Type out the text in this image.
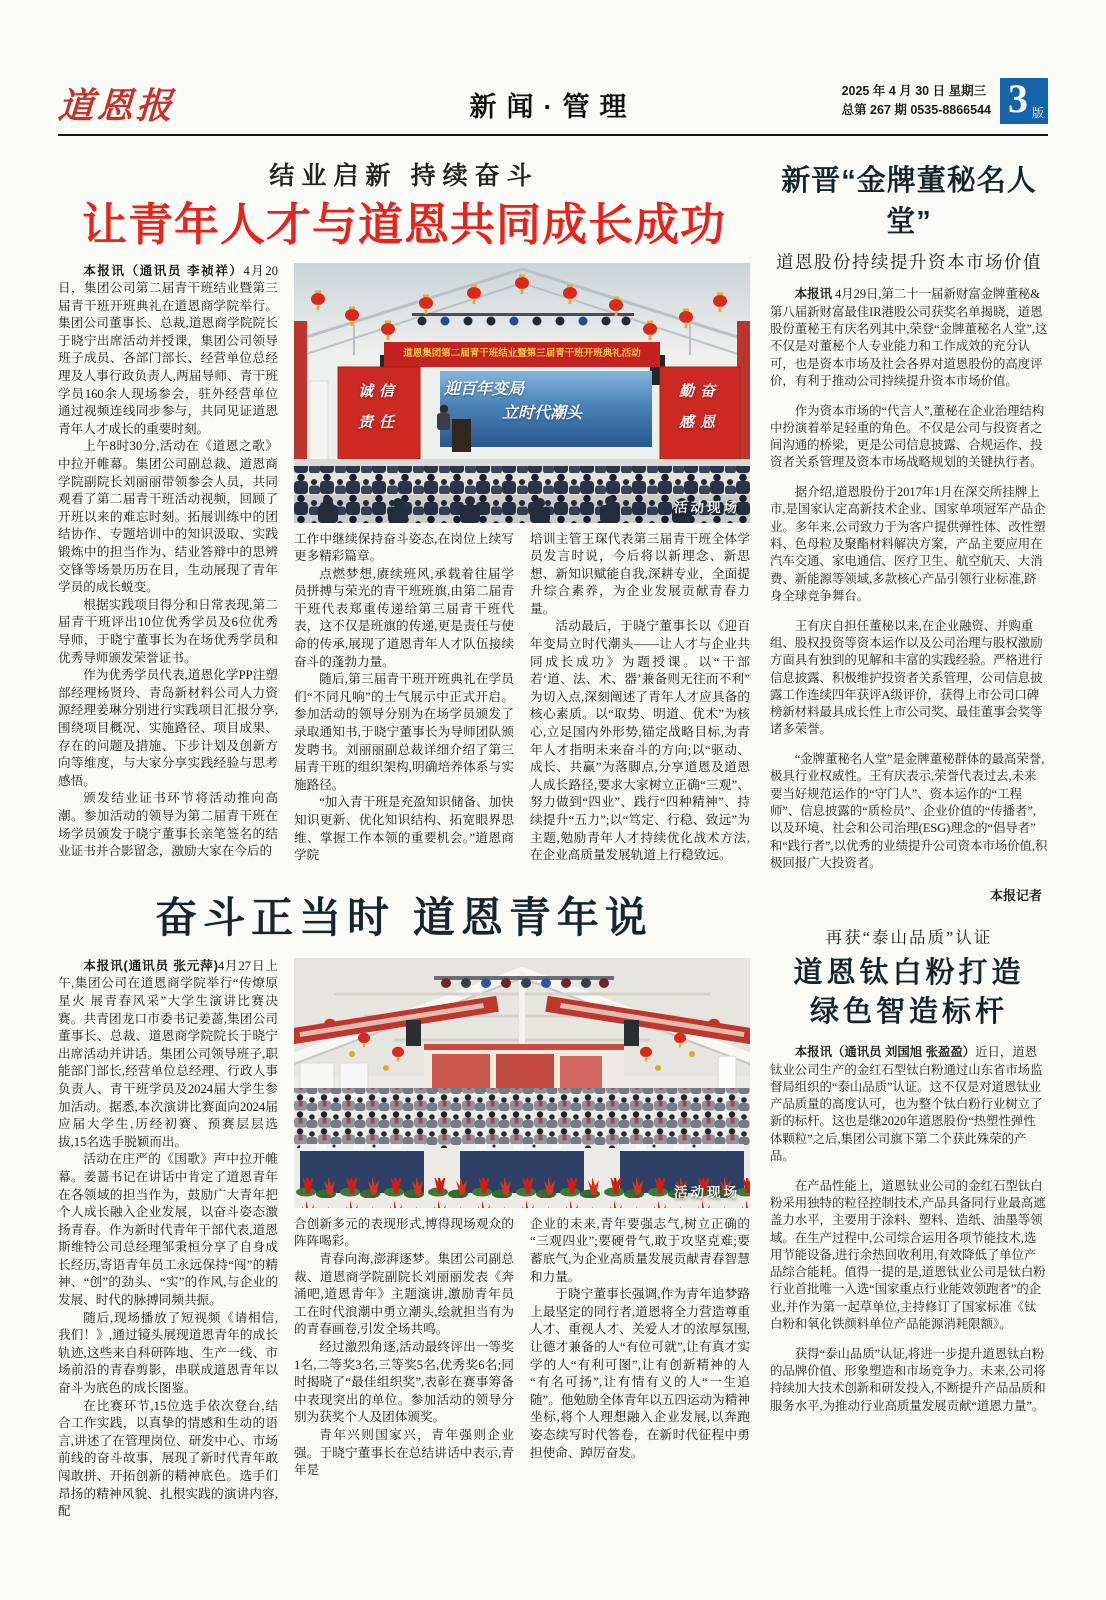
道恩报	新闻·管理
2025 年 4 月 30 日 星期三
总第 267 期 0535-8866544 3 版
结业启新 持续奋斗
让青年人才与道恩共同成长成功

本报讯（通讯员 李祯祥）4月20日，集团公司第二届青干班结业暨第三届青干班开班典礼在道恩商学院举行。集团公司董事长、总裁,道恩商学院院长于晓宁出席活动并授课，集团公司领导班子成员、各部门部长、经营单位总经理及人事行政负责人,两届导师、青干班学员160余人现场参会，驻外经营单位通过视频连线同步参与，共同见证道恩青年人才成长的重要时刻。

上午8时30分,活动在《道恩之歌》中拉开帷幕。集团公司副总裁、道恩商学院副院长刘丽丽带领参会人员，共同观看了第二届青干班活动视频，回顾了开班以来的难忘时刻。拓展训练中的团结协作、专题培训中的知识汲取、实践锻炼中的担当作为、结业答辩中的思辨交锋等场景历历在目，生动展现了青年学员的成长蜕变。

根据实践项目得分和日常表现,第二届青干班评出10位优秀学员及6位优秀导师，于晓宁董事长为在场优秀学员和优秀导师颁发荣誉证书。

作为优秀学员代表,道恩化学PP注塑部经理杨贤玲、青岛新材料公司人力资源经理姜琳分别进行实践项目汇报分享,围绕项目概况、实施路径、项目成果、存在的问题及措施、下步计划及创新方向等维度，与大家分享实践经验与思考感悟。

颁发结业证书环节将活动推向高潮。参加活动的领导为第二届青干班在场学员颁发于晓宁董事长亲笔签名的结业证书并合影留念，激励大家在今后的

道恩集团第二届青干班结业暨第三届青干班开班典礼活动
迎百年变局
立时代潮头
诚信
责任
勤奋
感恩
活动现场

工作中继续保持奋斗姿态,在岗位上续写更多精彩篇章。

点燃梦想,赓续班风,承载着往届学员拼搏与荣光的青干班班旗,由第二届青干班代表郑重传递给第三届青干班代表，这不仅是班旗的传递,更是责任与使命的传承,展现了道恩青年人才队伍接续奋斗的蓬勃力量。

随后,第三届青干班开班典礼在学员们“不同凡响”的士气展示中正式开启。参加活动的领导分别为在场学员颁发了录取通知书,于晓宁董事长为导师团队颁发聘书。刘丽丽副总裁详细介绍了第三届青干班的组织架构,明确培养体系与实施路径。

“加入青干班是充盈知识储备、加快知识更新、优化知识结构、拓宽眼界思维、掌握工作本领的重要机会。”道恩商学院

培训主管王琛代表第三届青干班全体学员发言时说，今后将以新理念、新思想、新知识赋能自我,深耕专业，全面提升综合素养，为企业发展贡献青春力量。

活动最后，于晓宁董事长以《迎百年变局立时代潮头——让人才与企业共同成长成功》为题授课。以“干部若‘道、法、术、器’兼备则无往而不利”为切入点,深刻阐述了青年人才应具备的核心素质。以“取势、明道、优术”为核心,立足国内外形势,锚定战略目标,为青年人才指明未来奋斗的方向;以“驱动、成长、共赢”为落脚点,分享道恩及道恩人成长路径,要求大家树立正确“三观”、努力做到“四业”、践行“四种精神”、持续提升“五力”;以“笃定、行稳、致远”为主题,勉励青年人才持续优化战术方法,在企业高质量发展轨道上行稳致远。

奋斗正当时 道恩青年说

本报讯(通讯员 张元萍)4月27日上午,集团公司在道恩商学院举行“传燎原星火 展青春风采”大学生演讲比赛决赛。共青团龙口市委书记姜蔷,集团公司董事长、总裁、道恩商学院院长于晓宁出席活动并讲话。集团公司领导班子,职能部门部长,经营单位总经理、行政人事负责人、青干班学员及2024届大学生参加活动。据悉,本次演讲比赛面向2024届应届大学生,历经初赛、预赛层层选拔,15名选手脱颖而出。

活动在庄严的《国歌》声中拉开帷幕。姜蔷书记在讲话中肯定了道恩青年在各领域的担当作为，鼓励广大青年把个人成长融入企业发展，以奋斗姿态激扬青春。作为新时代青年干部代表,道恩斯维特公司总经理邹秉桓分享了自身成长经历,寄语青年员工永远保持“闯”的精神、“创”的劲头、“实”的作风,与企业的发展、时代的脉搏同频共振。

随后,现场播放了短视频《请相信,我们！》,通过镜头展现道恩青年的成长轨迹,这些来自科研阵地、生产一线、市场前沿的青春剪影，串联成道恩青年以奋斗为底色的成长图鉴。

在比赛环节,15位选手依次登台,结合工作实践，以真挚的情感和生动的语言,讲述了在管理岗位、研发中心、市场前线的奋斗故事，展现了新时代青年敢闯敢拼、开拓创新的精神底色。选手们昂扬的精神风貌、扎根实践的演讲内容,配

活动现场

合创新多元的表现形式,博得现场观众的阵阵喝彩。

青春向海,澎湃逐梦。集团公司副总裁、道恩商学院副院长刘丽丽发表《奔涌吧,道恩青年》主题演讲,激励青年员工在时代浪潮中勇立潮头,绘就担当有为的青春画卷,引发全场共鸣。

经过激烈角逐,活动最终评出一等奖1名,二等奖3名,三等奖5名,优秀奖6名;同时揭晓了“最佳组织奖”,表彰在赛事筹备中表现突出的单位。参加活动的领导分别为获奖个人及团体颁奖。

青年兴则国家兴，青年强则企业强。于晓宁董事长在总结讲话中表示,青年是

企业的未来,青年要强志气,树立正确的“三观四业”;要硬骨气,敢于攻坚克难;要蓄底气,为企业高质量发展贡献青春智慧和力量。

于晓宁董事长强调,作为青年追梦路上最坚定的同行者,道恩将全力营造尊重人才、重视人才、关爱人才的浓厚氛围,让德才兼备的人“有位可就”,让有真才实学的人“有利可图”,让有创新精神的人“有名可扬”,让有情有义的人“一生追随”。他勉励全体青年以五四运动为精神坐标,将个人理想融入企业发展,以奔跑姿态续写时代答卷，在新时代征程中勇担使命、踔厉奋发。

新晋“金牌董秘名人堂”
道恩股份持续提升资本市场价值

本报讯 4月29日,第二十一届新财富金牌董秘&第八届新财富最佳IR港股公司获奖名单揭晓，道恩股份董秘王有庆名列其中,荣登“金牌董秘名人堂”,这不仅是对董秘个人专业能力和工作成效的充分认可，也是资本市场及社会各界对道恩股份的高度评价，有利于推动公司持续提升资本市场价值。

作为资本市场的“代言人”,董秘在企业治理结构中扮演着举足轻重的角色。不仅是公司与投资者之间沟通的桥梁，更是公司信息披露、合规运作、投资者关系管理及资本市场战略规划的关键执行者。

据介绍,道恩股份于2017年1月在深交所挂牌上市,是国家认定高新技术企业、国家单项冠军产品企业。多年来,公司致力于为客户提供弹性体、改性塑料、色母粒及聚酯材料解决方案，产品主要应用在汽车交通、家电通信、医疗卫生、航空航天、大消费、新能源等领域,多款核心产品引领行业标准,跻身全球竞争舞台。

王有庆自担任董秘以来,在企业融资、并购重组、股权投资等资本运作以及公司治理与股权激励方面具有独到的见解和丰富的实践经验。严格进行信息披露、积极维护投资者关系管理，公司信息披露工作连续四年获评A级评价，获得上市公司口碑榜新材料最具成长性上市公司奖、最佳董事会奖等诸多荣誉。

“金牌董秘名人堂”是金牌董秘群体的最高荣誉,极具行业权威性。王有庆表示,荣誉代表过去,未来要当好规范运作的“守门人”、资本运作的“工程师”、信息披露的“质检员”、企业价值的“传播者”,以及环境、社会和公司治理(ESG)理念的“倡导者”和“践行者”,以优秀的业绩提升公司资本市场价值,积极回报广大投资者。

本报记者
再获“泰山品质”认证
道恩钛白粉打造
绿色智造标杆

本报讯（通讯员 刘国旭 张盈盈）近日，道恩钛业公司生产的金红石型钛白粉通过山东省市场监督局组织的“泰山品质”认证。这不仅是对道恩钛业产品质量的高度认可，也为整个钛白粉行业树立了新的标杆。这也是继2020年道恩股份“热塑性弹性体颗粒”之后,集团公司旗下第二个获此殊荣的产品。

在产品性能上，道恩钛业公司的金红石型钛白粉采用独特的粒径控制技术,产品具备同行业最高遮盖力水平，主要用于涂料、塑料、造纸、油墨等领域。在生产过程中,公司综合运用各项节能技术,选用节能设备,进行余热回收利用,有效降低了单位产品综合能耗。值得一提的是,道恩钛业公司是钛白粉行业首批唯一入选“国家重点行业能效领跑者”的企业,并作为第一起草单位,主持修订了国家标准《钛白粉和氧化铁颜料单位产品能源消耗限额》。

获得“泰山品质”认证,将进一步提升道恩钛白粉的品牌价值、形象塑造和市场竞争力。未来,公司将持续加大技术创新和研发投入,不断提升产品品质和服务水平,为推动行业高质量发展贡献“道恩力量”。
